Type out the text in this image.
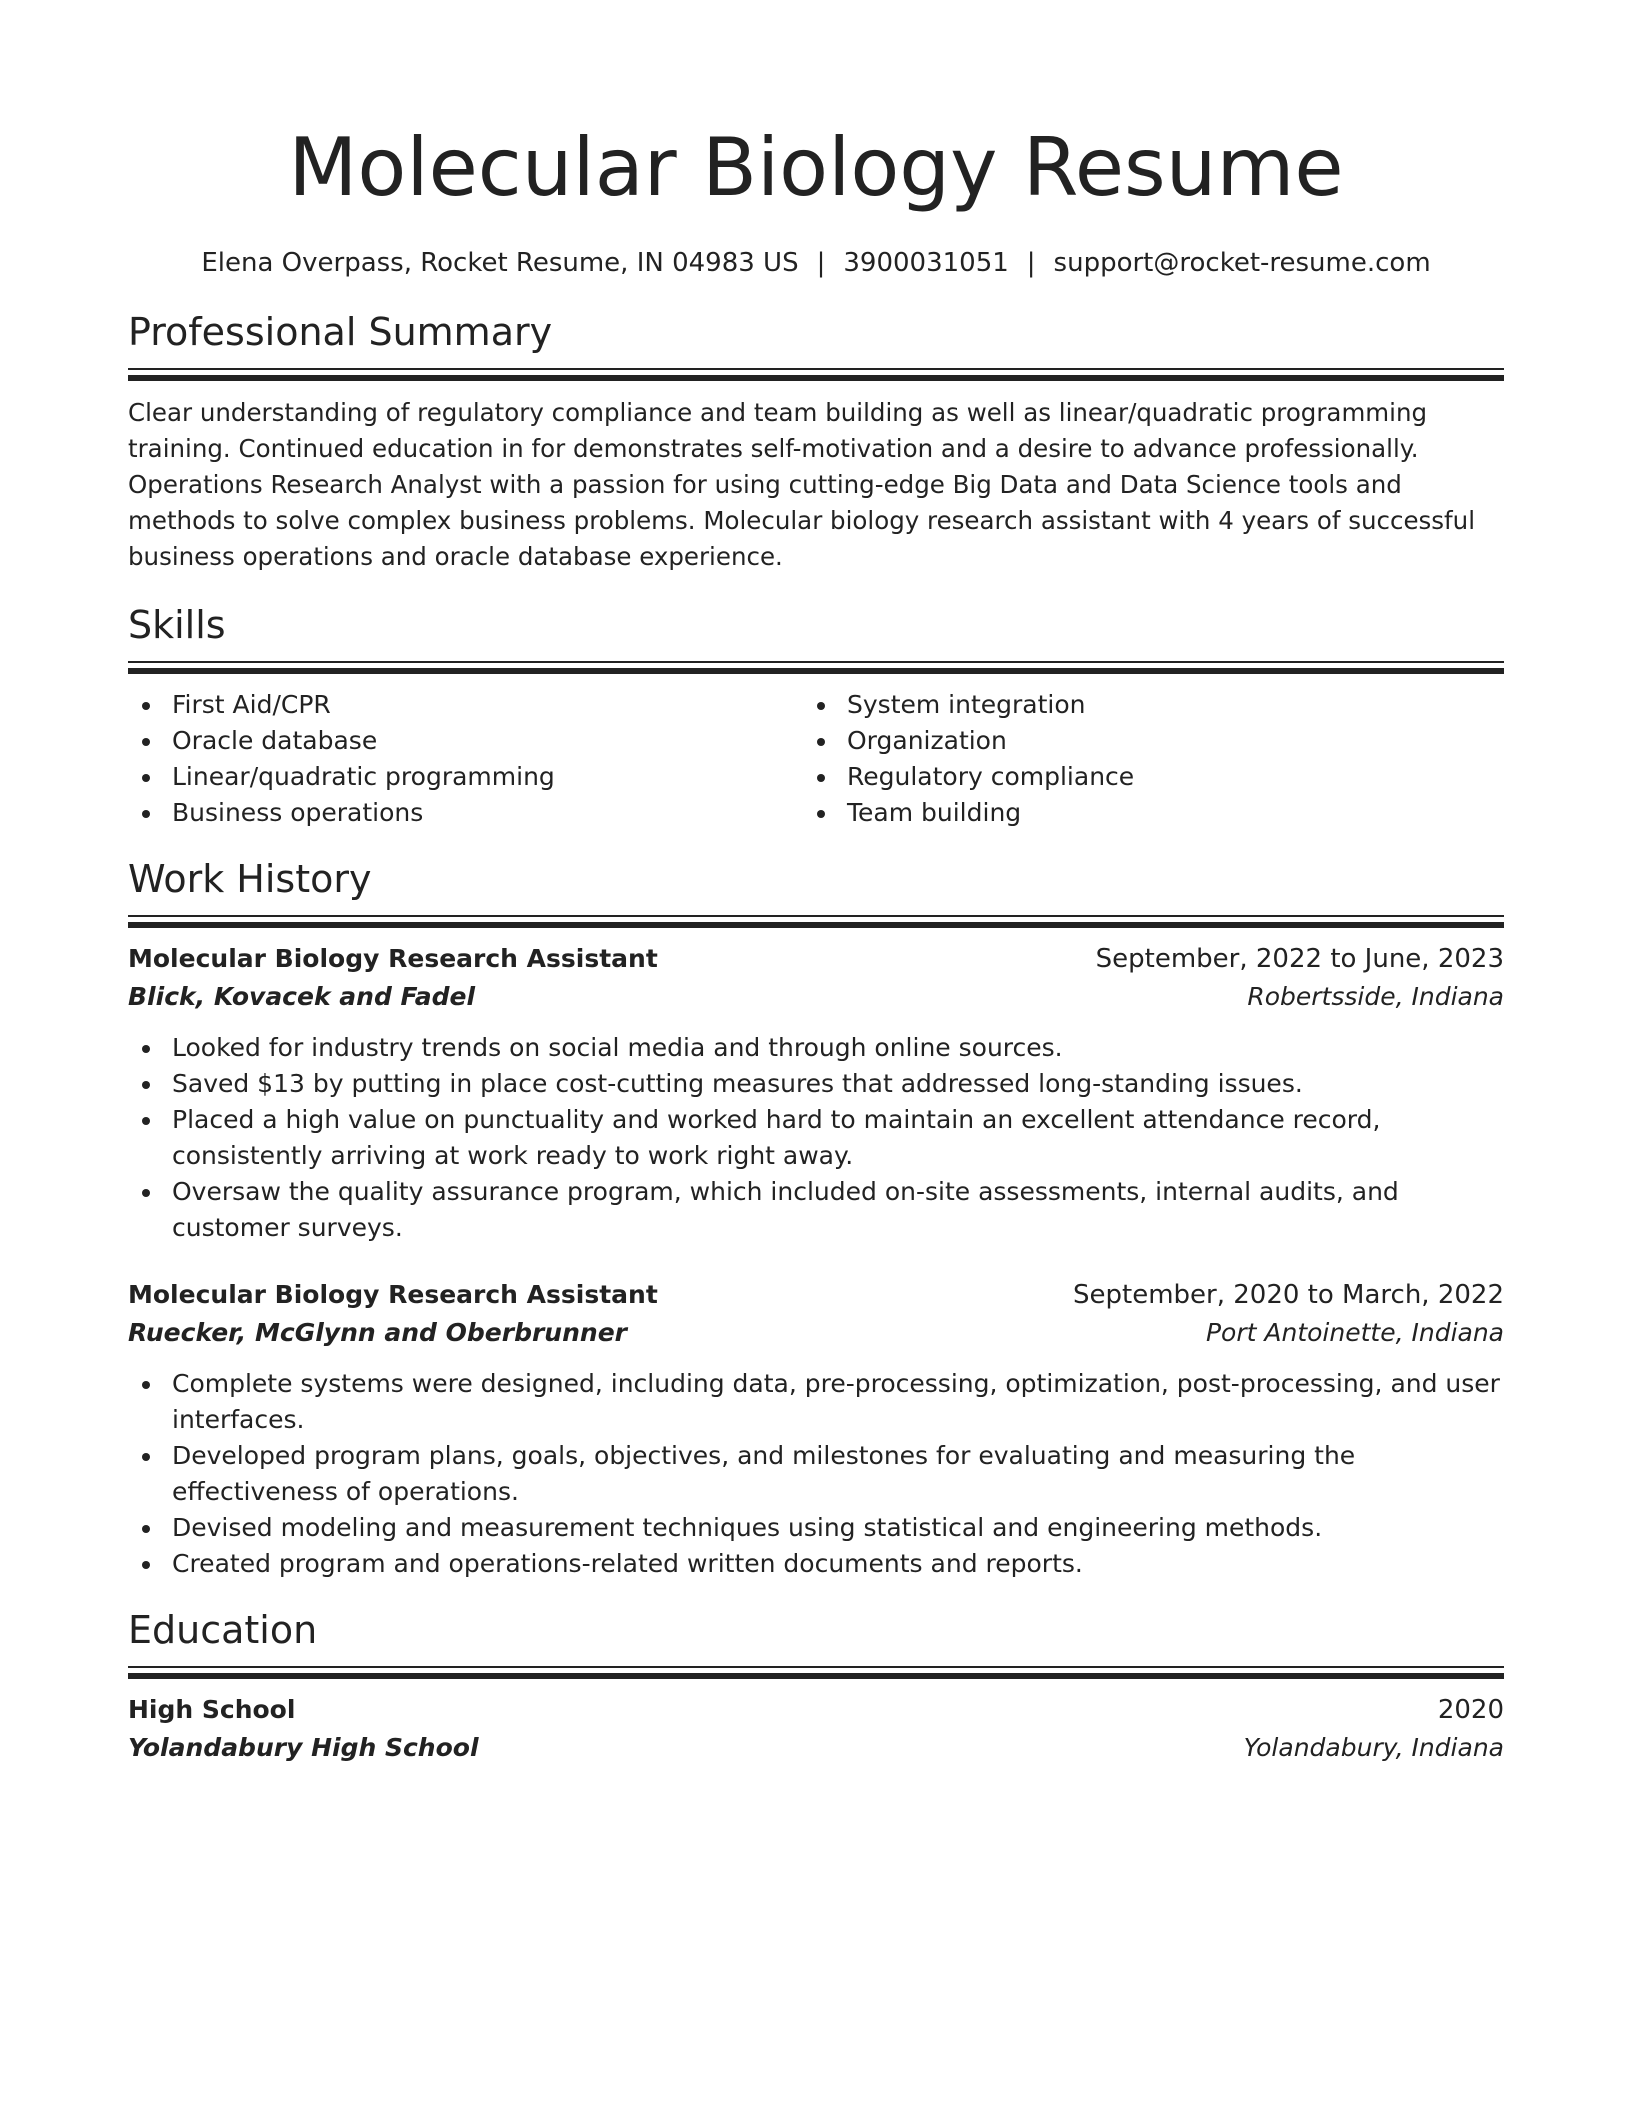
Molecular Biology Resume
Elena Overpass, Rocket Resume, IN 04983 US | 3900031051 | support@rocket-resume.com
Professional Summary

Clear understanding of regulatory compliance and team building as well as linear/quadratic programming training. Continued education in for demonstrates self-motivation and a desire to advance professionally. Operations Research Analyst with a passion for using cutting-edge Big Data and Data Science tools and methods to solve complex business problems. Molecular biology research assistant with 4 years of successful business operations and oracle database experience.

Skills
First Aid/CPR
Oracle database
Linear/quadratic programming
Business operations
System integration
Organization
Regulatory compliance
Team building
Work History
Molecular Biology Research Assistant	September, 2022 to June, 2023
Blick, Kovacek and Fadel	Robertsside, Indiana
Looked for industry trends on social media and through online sources.
Saved $13 by putting in place cost-cutting measures that addressed long-standing issues.
Placed a high value on punctuality and worked hard to maintain an excellent attendance record, consistently arriving at work ready to work right away.
Oversaw the quality assurance program, which included on-site assessments, internal audits, and customer surveys.
Molecular Biology Research Assistant	September, 2020 to March, 2022
Ruecker, McGlynn and Oberbrunner	Port Antoinette, Indiana
Complete systems were designed, including data, pre-processing, optimization, post-processing, and user interfaces.
Developed program plans, goals, objectives, and milestones for evaluating and measuring the effectiveness of operations.
Devised modeling and measurement techniques using statistical and engineering methods.
Created program and operations-related written documents and reports.
Education
High School	2020
Yolandabury High School	Yolandabury, Indiana
